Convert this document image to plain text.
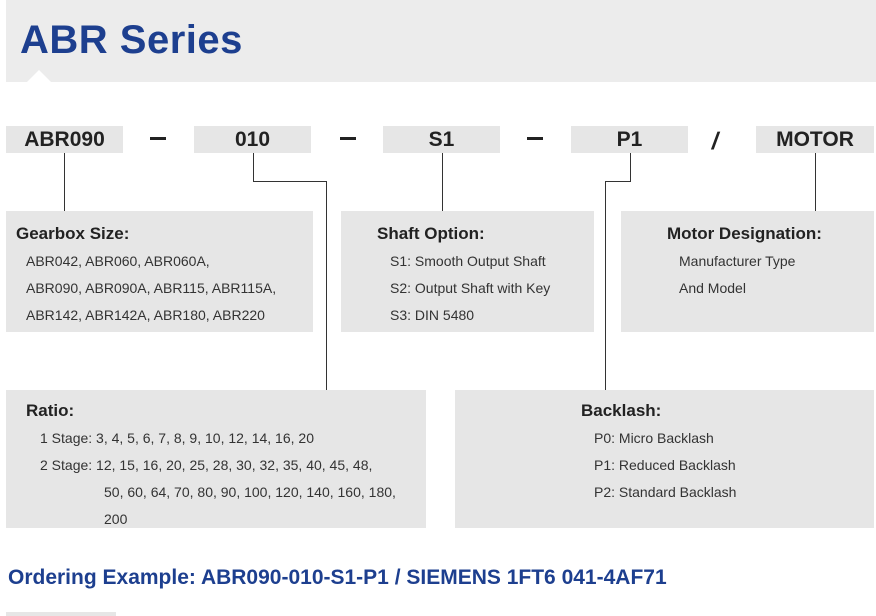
ABR Series
ABR090	010	S1	P1	/	MOTOR
Gearbox Size:
ABR042, ABR060, ABR060A,
ABR090, ABR090A, ABR115, ABR115A,
ABR142, ABR142A, ABR180, ABR220
Shaft Option:
S1: Smooth Output Shaft
S2: Output Shaft with Key
S3: DIN 5480
Motor Designation:
Manufacturer Type
And Model
Ratio:
1 Stage: 3, 4, 5, 6, 7, 8, 9, 10, 12, 14, 16, 20
2 Stage: 12, 15, 16, 20, 25, 28, 30, 32, 35, 40, 45, 48,
50, 60, 64, 70, 80, 90, 100, 120, 140, 160, 180,
200
Backlash:
P0: Micro Backlash
P1: Reduced Backlash
P2: Standard Backlash
Ordering Example: ABR090-010-S1-P1 / SIEMENS 1FT6 041-4AF71
